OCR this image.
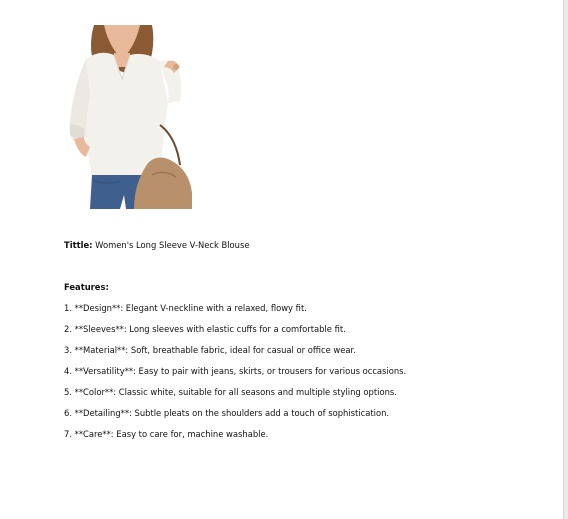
Tittle: Women's Long Sleeve V-Neck Blouse
Features:
1. **Design**: Elegant V-neckline with a relaxed, flowy fit.
2. **Sleeves**: Long sleeves with elastic cuffs for a comfortable fit.
3. **Material**: Soft, breathable fabric, ideal for casual or office wear.
4. **Versatility**: Easy to pair with jeans, skirts, or trousers for various occasions.
5. **Color**: Classic white, suitable for all seasons and multiple styling options.
6. **Detailing**: Subtle pleats on the shoulders add a touch of sophistication.
7. **Care**: Easy to care for, machine washable.
